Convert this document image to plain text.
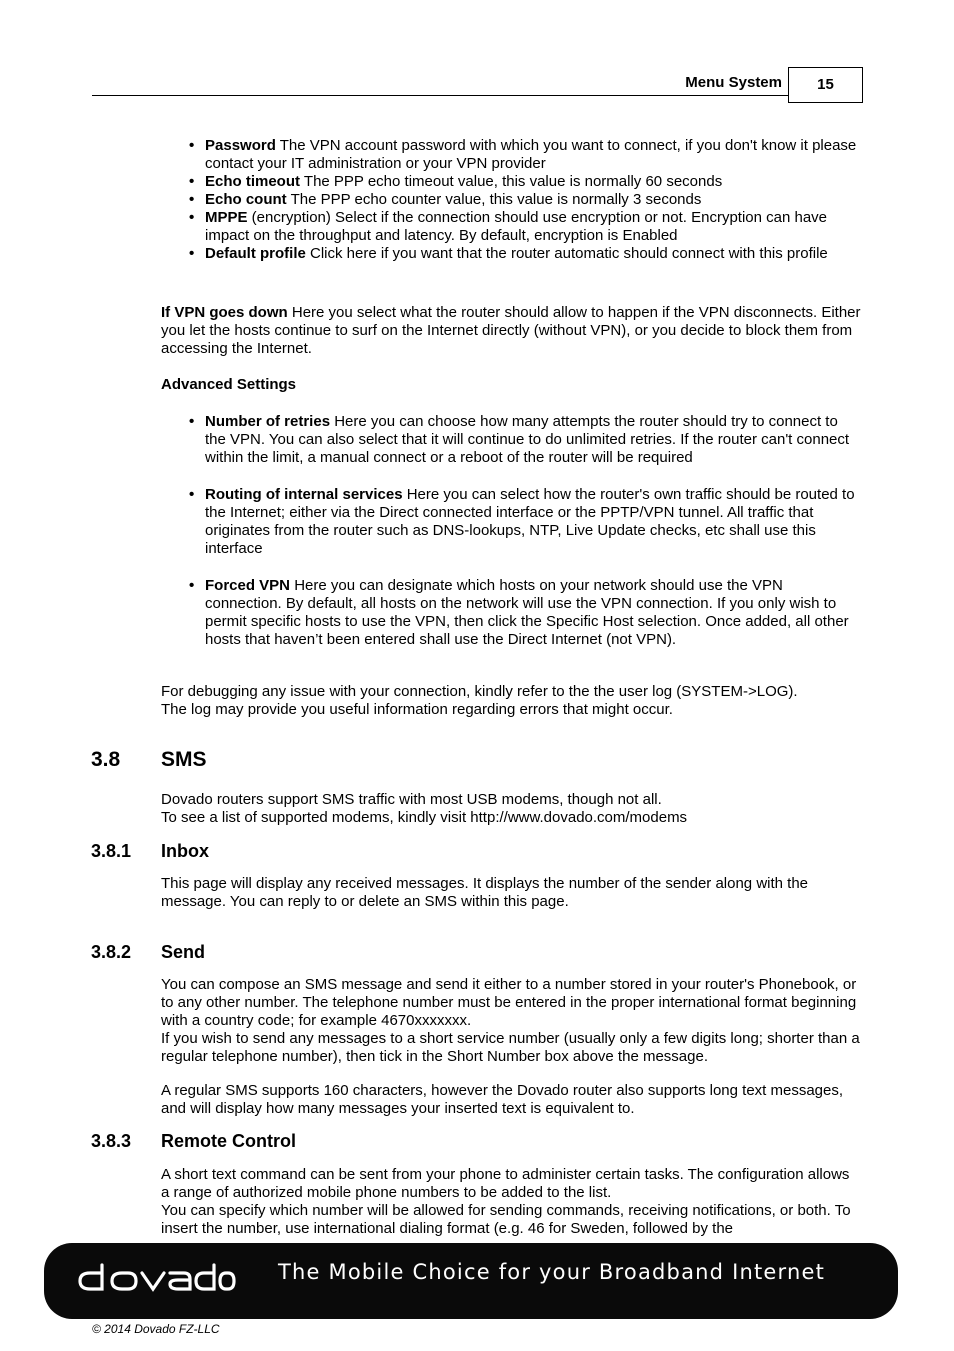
Menu System	15
• Password The VPN account password with which you want to connect, if you don't know it please contact your IT administration or your VPN provider
• Echo timeout The PPP echo timeout value, this value is normally 60 seconds
• Echo count The PPP echo counter value, this value is normally 3 seconds
• MPPE (encryption) Select if the connection should use encryption or not. Encryption can have impact on the throughput and latency. By default, encryption is Enabled
• Default profile Click here if you want that the router automatic should connect with this profile

If VPN goes down Here you select what the router should allow to happen if the VPN disconnects. Either you let the hosts continue to surf on the Internet directly (without VPN), or you decide to block them from accessing the Internet.

Advanced Settings

• Number of retries Here you can choose how many attempts the router should try to connect to the VPN. You can also select that it will continue to do unlimited retries. If the router can't connect within the limit, a manual connect or a reboot of the router will be required
• Routing of internal services Here you can select how the router's own traffic should be routed to the Internet; either via the Direct connected interface or the PPTP/VPN tunnel. All traffic that originates from the router such as DNS-lookups, NTP, Live Update checks, etc shall use this interface
• Forced VPN Here you can designate which hosts on your network should use the VPN connection. By default, all hosts on the network will use the VPN connection. If you only wish to permit specific hosts to use the VPN, then click the Specific Host selection. Once added, all other hosts that haven’t been entered shall use the Direct Internet (not VPN).

For debugging any issue with your connection, kindly refer to the the user log (SYSTEM->LOG).
The log may provide you useful information regarding errors that might occur.

3.8 SMS

Dovado routers support SMS traffic with most USB modems, though not all.
To see a list of supported modems, kindly visit http://www.dovado.com/modems

3.8.1 Inbox

This page will display any received messages. It displays the number of the sender along with the message. You can reply to or delete an SMS within this page.

3.8.2 Send

You can compose an SMS message and send it either to a number stored in your router's Phonebook, or to any other number. The telephone number must be entered in the proper international format beginning with a country code; for example 4670xxxxxxx.
If you wish to send any messages to a short service number (usually only a few digits long; shorter than a regular telephone number), then tick in the Short Number box above the message.

A regular SMS supports 160 characters, however the Dovado router also supports long text messages, and will display how many messages your inserted text is equivalent to.

3.8.3 Remote Control

A short text command can be sent from your phone to administer certain tasks. The configuration allows a range of authorized mobile phone numbers to be added to the list.
You can specify which number will be allowed for sending commands, receiving notifications, or both. To insert the number, use international dialing format (e.g. 46 for Sweden, followed by the

The Mobile Choice for your Broadband Internet
© 2014 Dovado FZ-LLC
